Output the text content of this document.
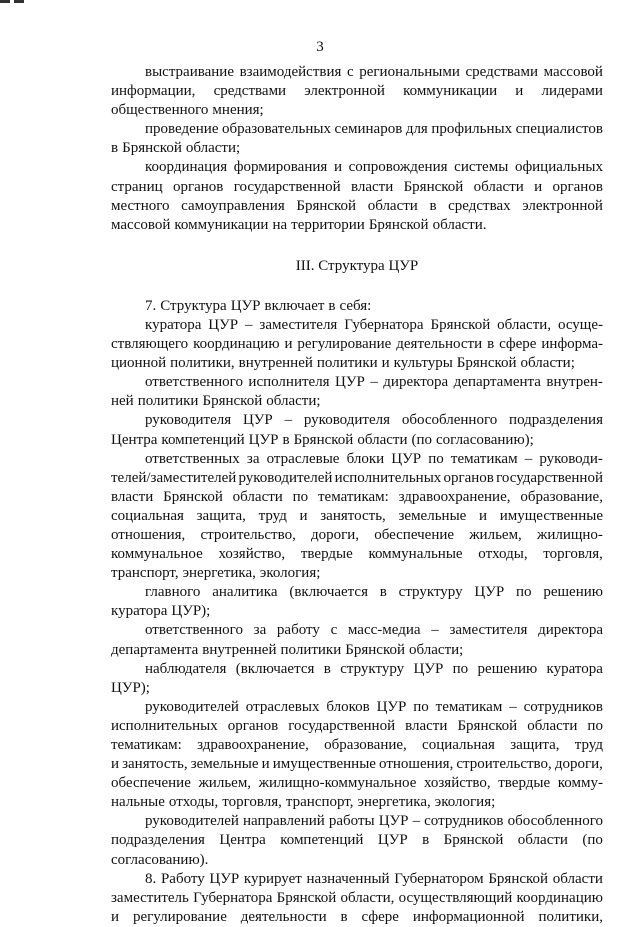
3
выстраивание взаимодействия с региональными средствами массовой
информации, средствами электронной коммуникации и лидерами
общественного мнения;
проведение образовательных семинаров для профильных специалистов
в Брянской области;
координация формирования и сопровождения системы официальных
страниц органов государственной власти Брянской области и органов
местного самоуправления Брянской области в средствах электронной
массовой коммуникации на территории Брянской области.
III. Структура ЦУР
7. Структура ЦУР включает в себя:
куратора ЦУР – заместителя Губернатора Брянской области, осуще-
ствляющего координацию и регулирование деятельности в сфере информа-
ционной политики, внутренней политики и культуры Брянской области;
ответственного исполнителя ЦУР – директора департамента внутрен-
ней политики Брянской области;
руководителя ЦУР – руководителя обособленного подразделения
Центра компетенций ЦУР в Брянской области (по согласованию);
ответственных за отраслевые блоки ЦУР по тематикам – руководи-
телей/заместителей руководителей исполнительных органов государственной
власти Брянской области по тематикам: здравоохранение, образование,
социальная защита, труд и занятость, земельные и имущественные
отношения, строительство, дороги, обеспечение жильем, жилищно-
коммунальное хозяйство, твердые коммунальные отходы, торговля,
транспорт, энергетика, экология;
главного аналитика (включается в структуру ЦУР по решению
куратора ЦУР);
ответственного за работу с масс-медиа – заместителя директора
департамента внутренней политики Брянской области;
наблюдателя (включается в структуру ЦУР по решению куратора
ЦУР);
руководителей отраслевых блоков ЦУР по тематикам – сотрудников
исполнительных органов государственной власти Брянской области по
тематикам: здравоохранение, образование, социальная защита, труд
и занятость, земельные и имущественные отношения, строительство, дороги,
обеспечение жильем, жилищно-коммунальное хозяйство, твердые комму-
нальные отходы, торговля, транспорт, энергетика, экология;
руководителей направлений работы ЦУР – сотрудников обособленного
подразделения Центра компетенций ЦУР в Брянской области (по
согласованию).
8. Работу ЦУР курирует назначенный Губернатором Брянской области
заместитель Губернатора Брянской области, осуществляющий координацию
и регулирование деятельности в сфере информационной политики,
